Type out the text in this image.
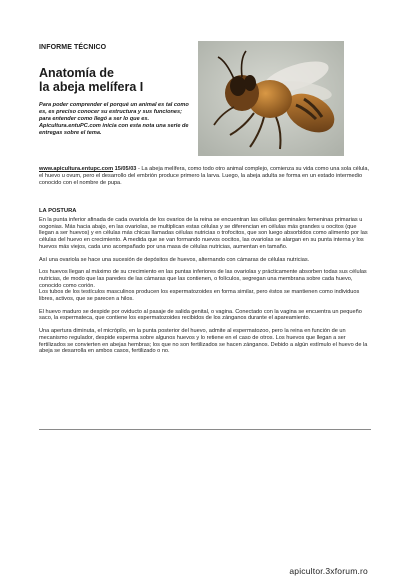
INFORME TÉCNICO
Anatomía de
la abeja melífera I
Para poder comprender el porqué un animal es tal como es, es preciso conocer su estructura y sus funciones; para entender como llegó a ser lo que es. Apicultura.entuPC.com inicia con esta nota una serie de entregas sobre el tema.
www.apicultura.entupc.com 15/05/03 - La abeja melífera, como todo otro animal complejo, comienza su vida como una sola célula, el huevo u ovum, pero el desarrollo del embrión produce primero la larva. Luego, la abeja adulta se forma en un estado intermedio conocido con el nombre de pupa.
LA POSTURA

En la punta inferior afinada de cada ovariola de los ovarios de la reina se encuentran las células germinales femeninas primarias u oogonias. Más hacia abajo, en las ovariolas, se multiplican estas células y se diferencian en células más grandes u oocitos (que llegan a ser huevos) y en células más chicas llamadas células nutricias o trofocitos, que son luego absorbidos como alimento por las células del huevo en crecimiento. A medida que se van formando nuevos oocitos, las ovariolas se alargan en su punta interna y los huevos más viejos, cada uno acompañado por una masa de células nutricias, aumentan en tamaño.

Así una ovariola se hace una sucesión de depósitos de huevos, alternando con cámaras de células nutricias.

Los huevos llegan al máximo de su crecimiento en las puntas inferiores de las ovariolas y prácticamente absorben todas sus células nutricias, de modo que las paredes de las cámaras que las contienen, o folículos, segregan una membrana sobre cada huevo, conocido como corión.
Los tubos de los testículos masculinos producen los espermatozoides en forma similar, pero éstos se mantienen como individuos libres, activos, que se parecen a hilos.

El huevo maduro se despide por oviducto al pasaje de salida genital, o vagina. Conectado con la vagina se encuentra un pequeño saco, la espermateca, que contiene los espermatozoides recibidos de los zánganos durante el apareamiento.

Una apertura diminuta, el micrópilo, en la punta posterior del huevo, admite al espermatozoo, pero la reina en función de un mecanismo regulador, despide esperma sobre algunos huevos y lo retiene en el caso de otros. Los huevos que llegan a ser fertilizados se convierten en abejas hembras; los que no son fertilizados se hacen zánganos. Debido a algún estímulo el huevo de la abeja se desarrolla en ambos casos, fertilizado o no.

apicultor.3xforum.ro
